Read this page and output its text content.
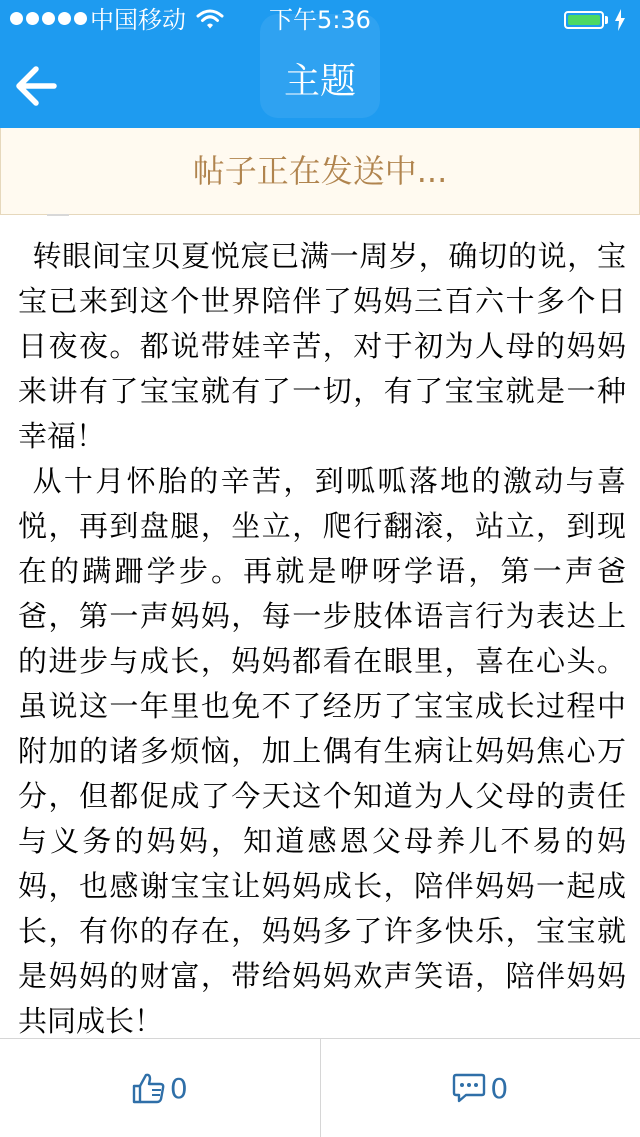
中国移动	下午5:36
主题
帖子正在发送中...

转眼间宝贝夏悦宸已满一周岁，确切的说，宝宝已来到这个世界陪伴了妈妈三百六十多个日日夜夜。都说带娃辛苦，对于初为人母的妈妈来讲有了宝宝就有了一切，有了宝宝就是一种幸福！

从十月怀胎的辛苦，到呱呱落地的激动与喜悦，再到盘腿，坐立，爬行翻滚，站立，到现在的蹒跚学步。再就是咿呀学语，第一声爸爸，第一声妈妈，每一步肢体语言行为表达上的进步与成长，妈妈都看在眼里，喜在心头。虽说这一年里也免不了经历了宝宝成长过程中附加的诸多烦恼，加上偶有生病让妈妈焦心万分，但都促成了今天这个知道为人父母的责任与义务的妈妈，知道感恩父母养儿不易的妈妈，也感谢宝宝让妈妈成长，陪伴妈妈一起成长，有你的存在，妈妈多了许多快乐，宝宝就是妈妈的财富，带给妈妈欢声笑语，陪伴妈妈共同成长！

0	0
